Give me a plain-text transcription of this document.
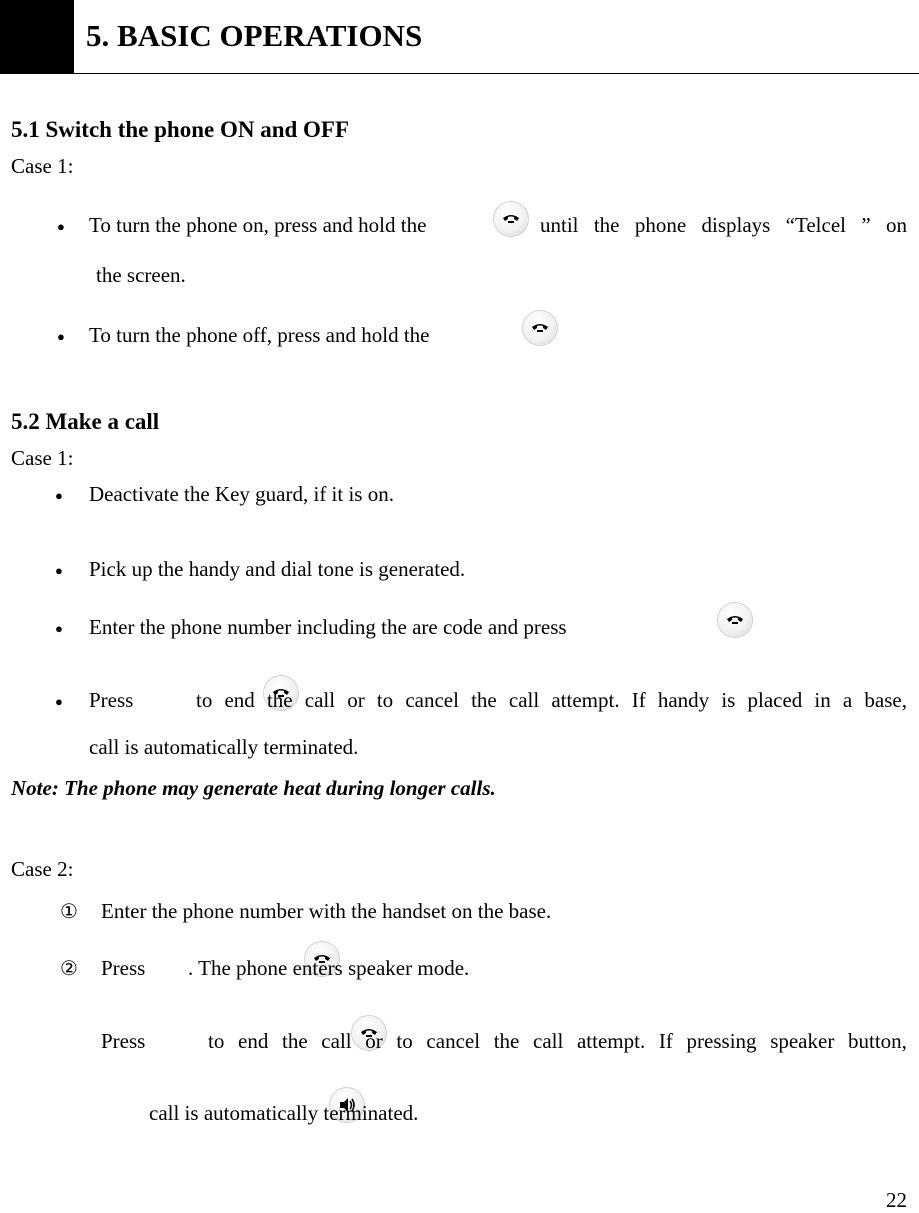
5. BASIC OPERATIONS
5.1 Switch the phone ON and OFF
Case 1:
● To turn the phone on, press and hold the
	until the phone displays “Telcel ” on
the screen.
● To turn the phone off, press and hold the

5.2 Make a call
Case 1:
● Deactivate the Key guard, if it is on.
● Pick up the handy and dial tone is generated.
● Enter the phone number including the are code and press

● Press
	to end the call or to cancel the call attempt. If handy is placed in a base,
call is automatically terminated.
Note: The phone may generate heat during longer calls.
Case 2:
① Enter the phone number with the handset on the base.
② Press
. The phone enters speaker mode.
Press
	to end the call or to cancel the call attempt. If pressing speaker button,
call is automatically terminated.
22
